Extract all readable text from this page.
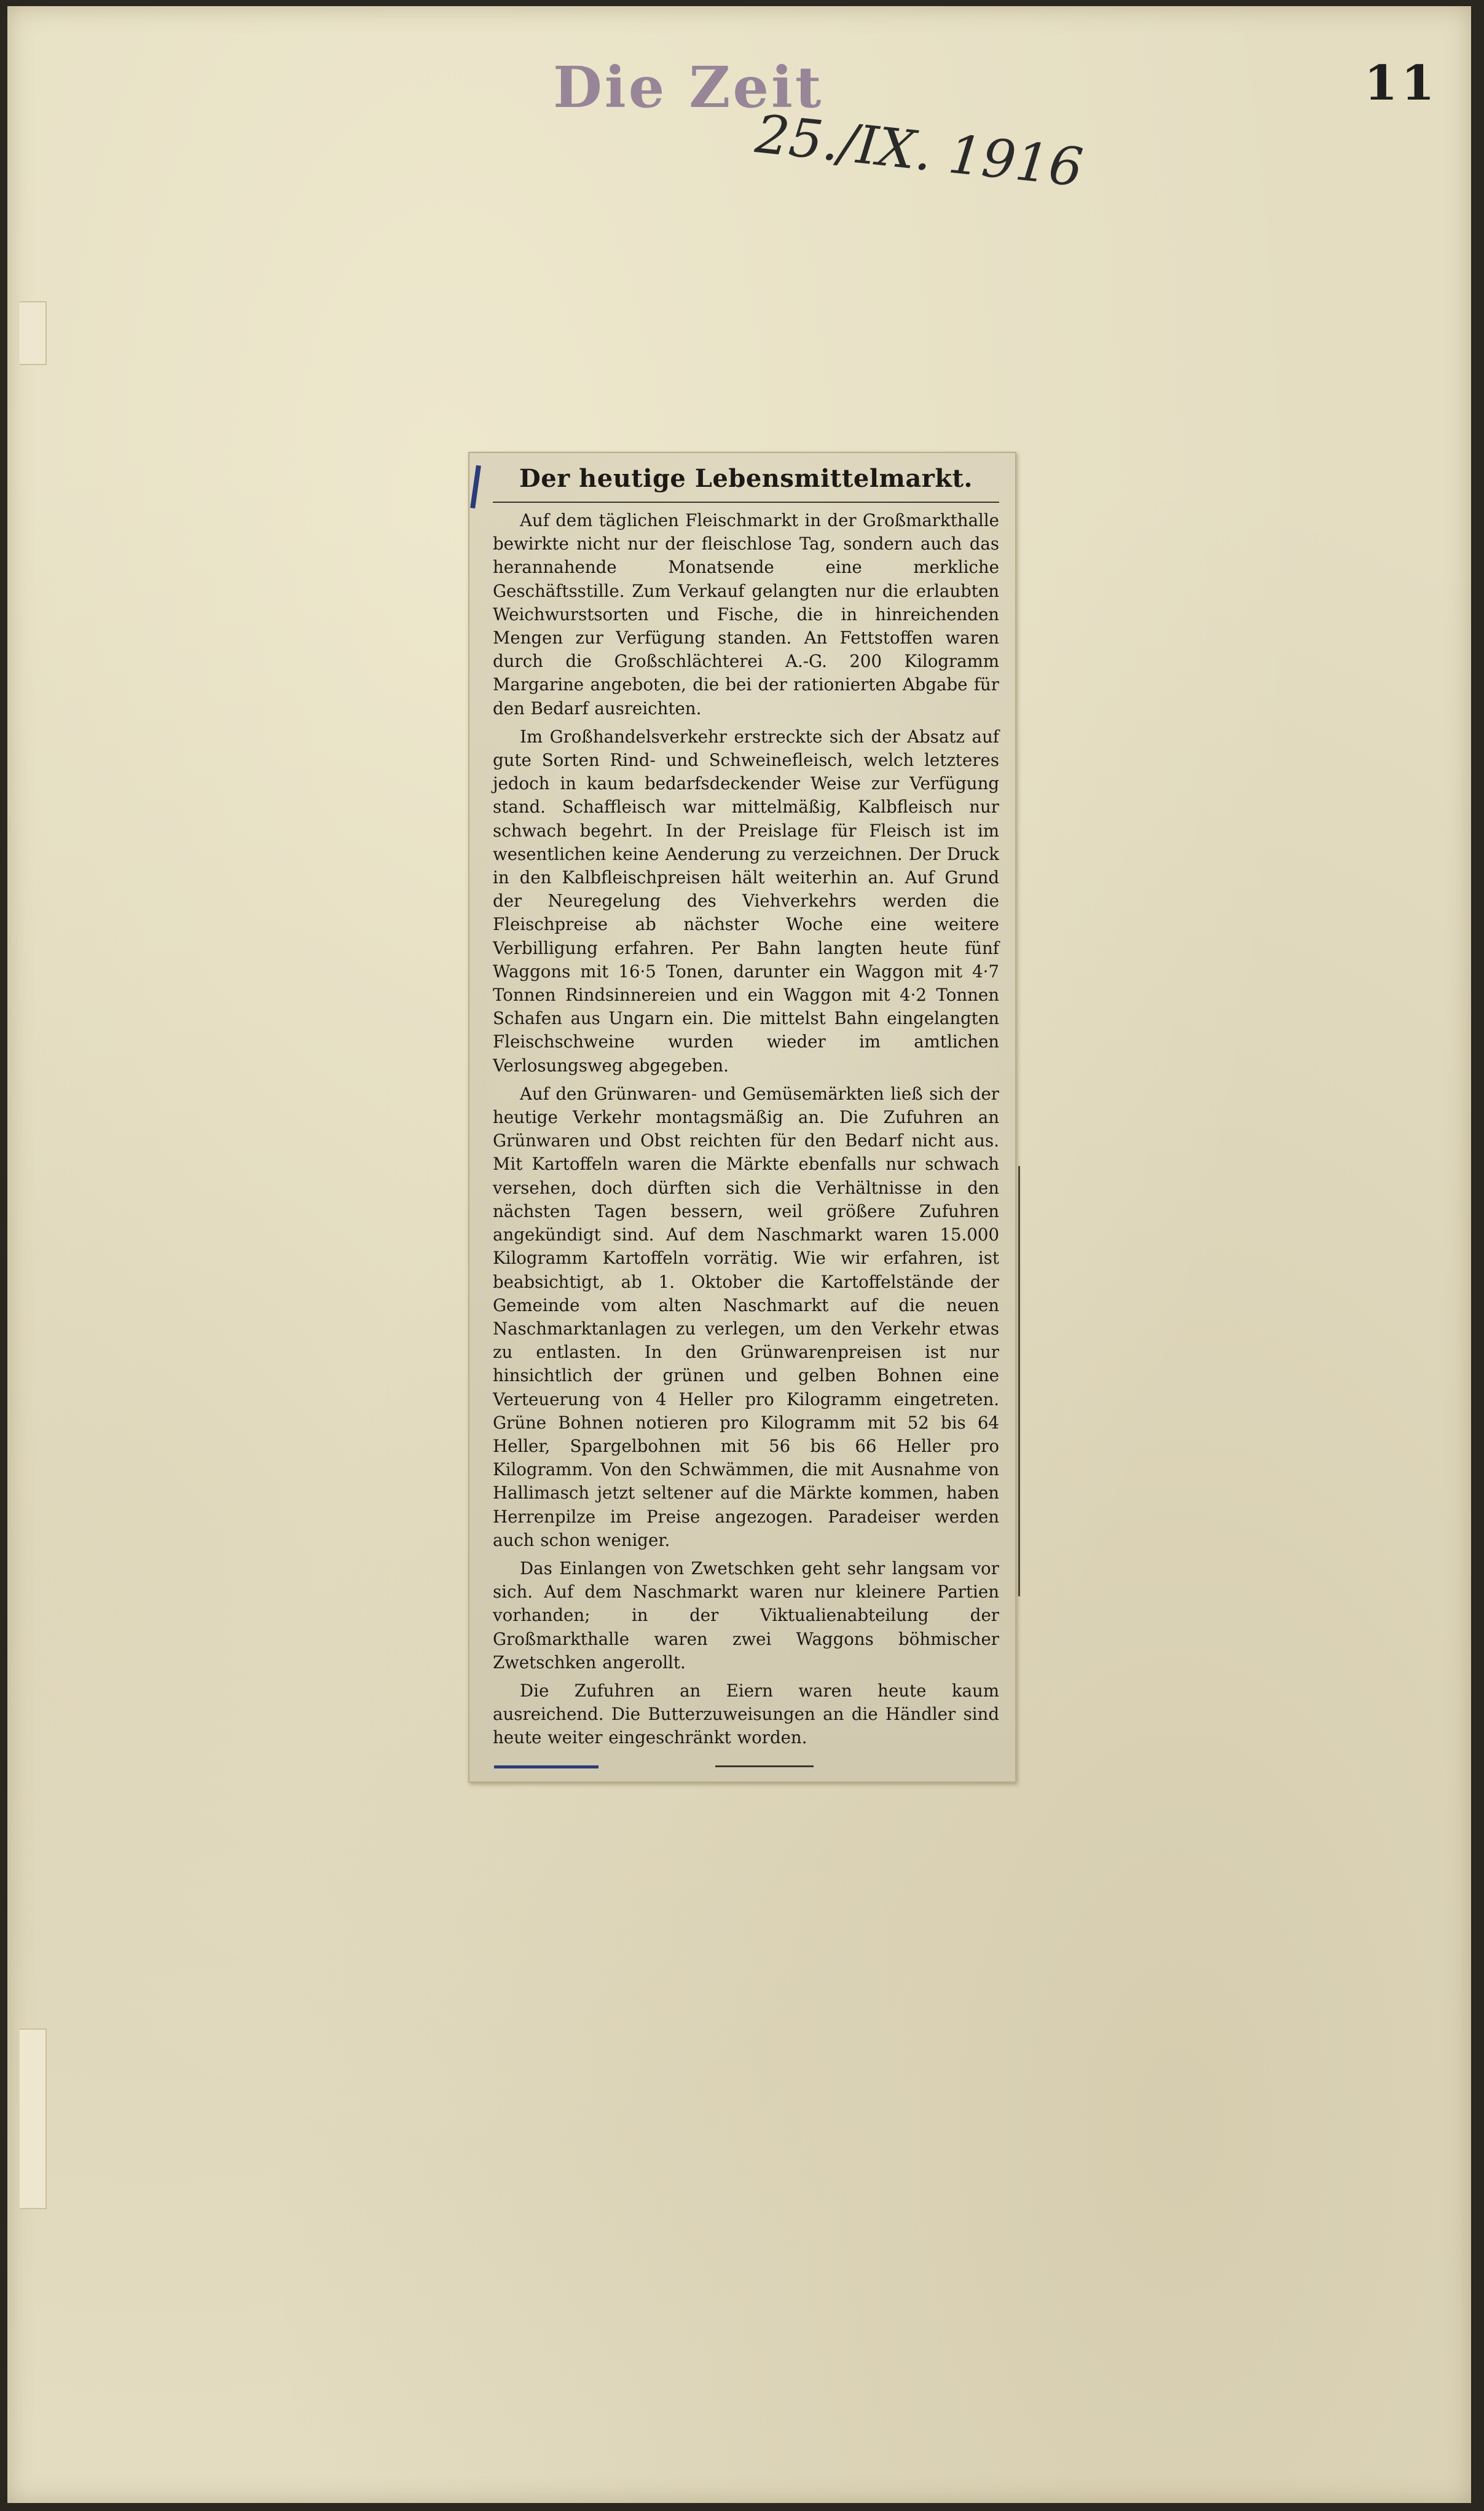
Die Zeit
25./IX. 1916
11
Der heutige Lebensmittelmarkt.

Auf dem täglichen Fleischmarkt in der Großmarkthalle bewirkte nicht nur der fleischlose Tag, sondern auch das herannahende Monatsende eine merkliche Geschäftsstille. Zum Verkauf gelangten nur die erlaubten Weichwurstsorten und Fische, die in hinreichenden Mengen zur Verfügung standen. An Fettstoffen waren durch die Großschlächterei A.-G. 200 Kilogramm Margarine angeboten, die bei der rationierten Abgabe für den Bedarf ausreichten.

Im Großhandelsverkehr erstreckte sich der Absatz auf gute Sorten Rind- und Schweinefleisch, welch letzteres jedoch in kaum bedarfsdeckender Weise zur Verfügung stand. Schaffleisch war mittelmäßig, Kalbfleisch nur schwach begehrt. In der Preislage für Fleisch ist im wesentlichen keine Aenderung zu verzeichnen. Der Druck in den Kalbfleischpreisen hält weiterhin an. Auf Grund der Neuregelung des Viehverkehrs werden die Fleischpreise ab nächster Woche eine weitere Verbilligung erfahren. Per Bahn langten heute fünf Waggons mit 16·5 Tonen, darunter ein Waggon mit 4·7 Tonnen Rindsinnereien und ein Waggon mit 4·2 Tonnen Schafen aus Ungarn ein. Die mittelst Bahn eingelangten Fleischschweine wurden wieder im amtlichen Verlosungsweg abgegeben.

Auf den Grünwaren- und Gemüsemärkten ließ sich der heutige Verkehr montagsmäßig an. Die Zufuhren an Grünwaren und Obst reichten für den Bedarf nicht aus. Mit Kartoffeln waren die Märkte ebenfalls nur schwach versehen, doch dürften sich die Verhältnisse in den nächsten Tagen bessern, weil größere Zufuhren angekündigt sind. Auf dem Naschmarkt waren 15.000 Kilogramm Kartoffeln vorrätig. Wie wir erfahren, ist beabsichtigt, ab 1. Oktober die Kartoffelstände der Gemeinde vom alten Naschmarkt auf die neuen Naschmarktanlagen zu verlegen, um den Verkehr etwas zu entlasten. In den Grünwarenpreisen ist nur hinsichtlich der grünen und gelben Bohnen eine Verteuerung von 4 Heller pro Kilogramm eingetreten. Grüne Bohnen notieren pro Kilogramm mit 52 bis 64 Heller, Spargelbohnen mit 56 bis 66 Heller pro Kilogramm. Von den Schwämmen, die mit Ausnahme von Hallimasch jetzt seltener auf die Märkte kommen, haben Herrenpilze im Preise angezogen. Paradeiser werden auch schon weniger.

Das Einlangen von Zwetschken geht sehr langsam vor sich. Auf dem Naschmarkt waren nur kleinere Partien vorhanden; in der Viktualienabteilung der Großmarkthalle waren zwei Waggons böhmischer Zwetschken angerollt.

Die Zufuhren an Eiern waren heute kaum ausreichend. Die Butterzuweisungen an die Händler sind heute weiter eingeschränkt worden.
